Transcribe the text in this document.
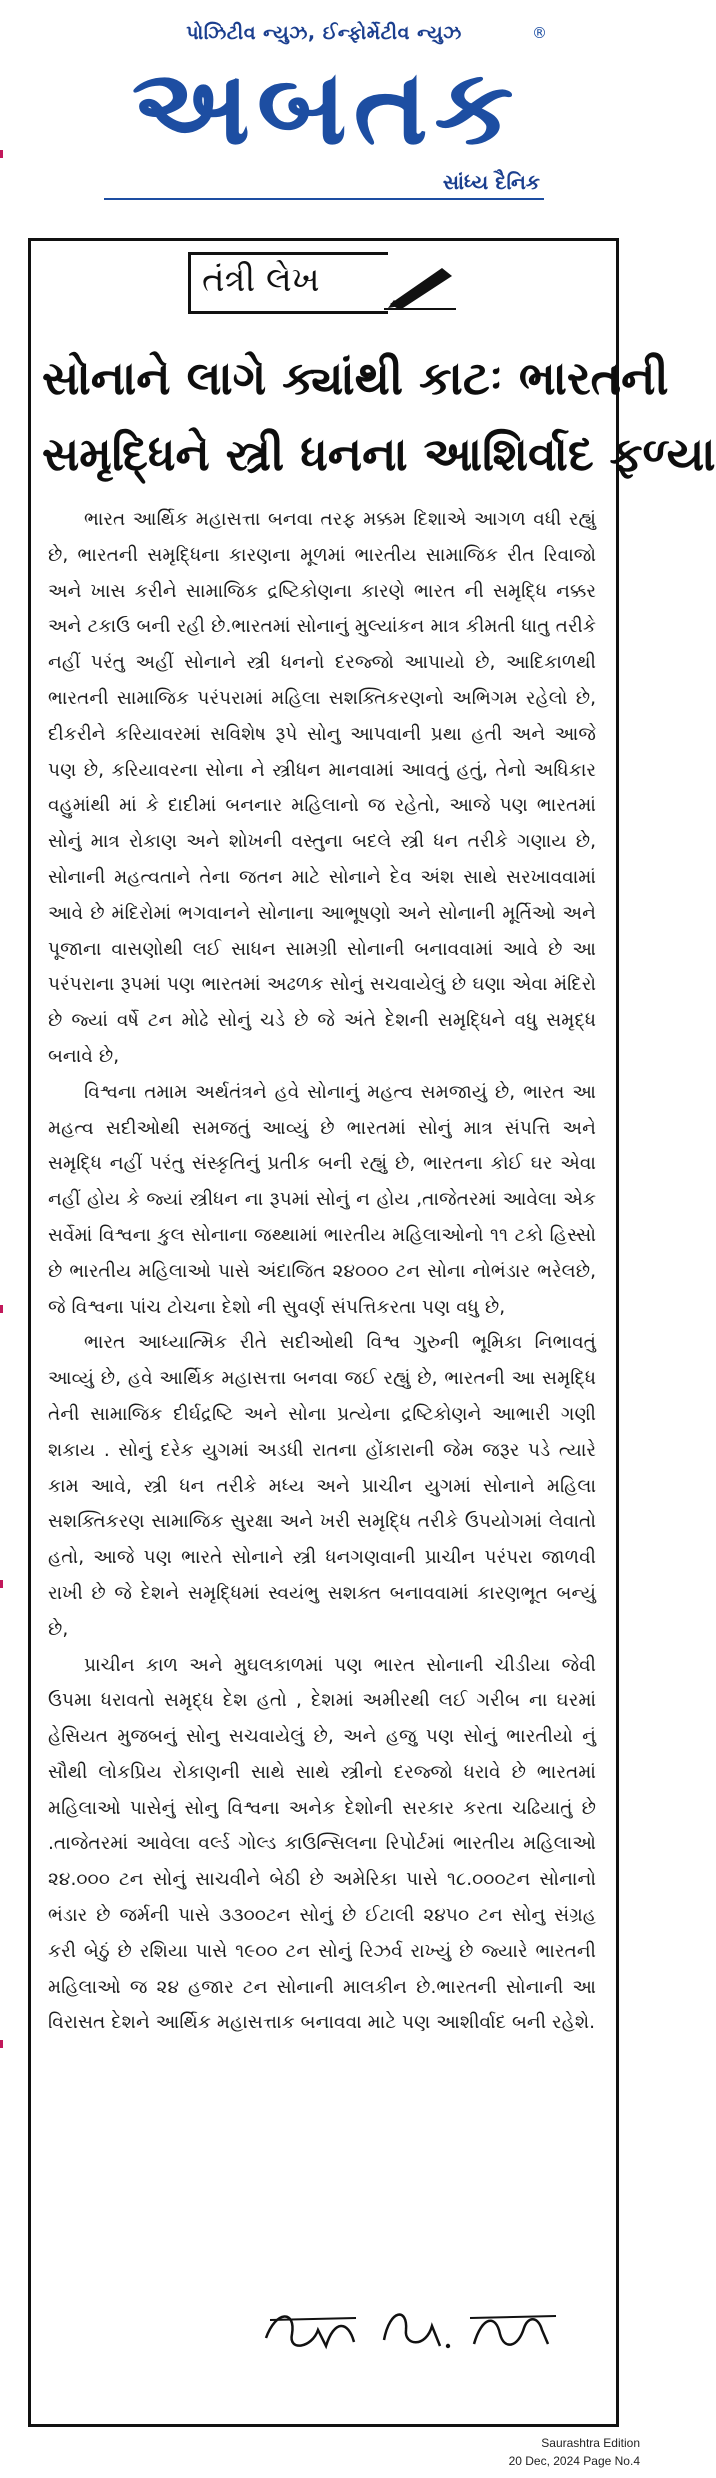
પોઝિટીવ ન્યુઝ, ઈન્ફોર્મેટીવ ન્યુઝ
અબતક
®
સાંધ્ય દૈનિક
તંત્રી લેખ
સોનાને લાગે ક્યાંથી કાટઃ ભારતની
સમૃદ્ધિને સ્ત્રી ધનના આશિર્વાદ ફળ્યા

ભારત આર્થિક મહાસત્તા બનવા તરફ મક્કમ દિશાએ આગળ વધી રહ્યું છે, ભારતની સમૃદ્ધિના કારણના મૂળમાં ભારતીય સામાજિક રીત રિવાજો અને ખાસ કરીને સામાજિક દ્રષ્ટિકોણના કારણે ભારત ની સમૃદ્ધિ નક્કર અને ટકાઉ બની રહી છે.ભારતમાં સોનાનું મુલ્યાંકન માત્ર કીમતી ધાતુ તરીકે નહીં પરંતુ અહીં સોનાને સ્ત્રી ધનનો દરજ્જો આપાયો છે, આદિકાળથી ભારતની સામાજિક પરંપરામાં મહિલા સશક્તિકરણનો અભિગમ રહેલો છે, દીકરીને કરિયાવરમાં સવિશેષ રૂપે સોનુ આપવાની પ્રથા હતી અને આજે પણ છે, કરિયાવરના સોના ને સ્ત્રીધન માનવામાં આવતું હતું, તેનો અધિકાર વહુમાંથી માં કે દાદીમાં બનનાર મહિલાનો જ રહેતો, આજે પણ ભારતમાં સોનું માત્ર રોકાણ અને શોખની વસ્તુના બદલે સ્ત્રી ધન તરીકે ગણાય છે, સોનાની મહત્વતાને તેના જતન માટે સોનાને દેવ અંશ સાથે સરખાવવામાં આવે છે મંદિરોમાં ભગવાનને સોનાના આભૂષણો અને સોનાની મૂર્તિઓ અને પૂજાના વાસણોથી લઈ સાધન સામગ્રી સોનાની બનાવવામાં આવે છે આ પરંપરાના રૂપમાં પણ ભારતમાં અઢળક સોનું સચવાયેલું છે ઘણા એવા મંદિરો છે જ્યાં વર્ષે ટન મોઢે સોનું ચડે છે જે અંતે દેશની સમૃદ્ધિને વધુ સમૃદ્ધ બનાવે છે,

વિશ્વના તમામ અર્થતંત્રને હવે સોનાનું મહત્વ સમજાયું છે, ભારત આ મહત્વ સદીઓથી સમજતું આવ્યું છે ભારતમાં સોનું માત્ર સંપત્તિ અને સમૃદ્ધિ નહીં પરંતુ સંસ્કૃતિનું પ્રતીક બની રહ્યું છે, ભારતના કોઈ ઘર એવા નહીં હોય કે જ્યાં સ્ત્રીધન ના રૂપમાં સોનું ન હોય ,તાજેતરમાં આવેલા એક સર્વેમાં વિશ્વના કુલ સોનાના જથ્થામાં ભારતીય મહિલાઓનો ૧૧ ટકો હિસ્સો છે ભારતીય મહિલાઓ પાસે અંદાજિત ૨૪૦૦૦ ટન સોના નોભંડાર ભરેલછે, જે વિશ્વના પાંચ ટોચના દેશો ની સુવર્ણ સંપત્તિકરતા પણ વધુ છે,

ભારત આધ્યાત્મિક રીતે સદીઓથી વિશ્વ ગુરુની ભૂમિકા નિભાવતું આવ્યું છે, હવે આર્થિક મહાસત્તા બનવા જઈ રહ્યું છે, ભારતની આ સમૃદ્ધિ તેની સામાજિક દીર્ઘદ્રષ્ટિ અને સોના પ્રત્યેના દ્રષ્ટિકોણને આભારી ગણી શકાય . સોનું દરેક યુગમાં અડધી રાતના હોંકારાની જેમ જરૂર પડે ત્યારે કામ આવે, સ્ત્રી ધન તરીકે મધ્ય અને પ્રાચીન યુગમાં સોનાને મહિલા સશક્તિકરણ સામાજિક સુરક્ષા અને ખરી સમૃદ્ધિ તરીકે ઉપયોગમાં લેવાતો હતો, આજે પણ ભારતે સોનાને સ્ત્રી ધનગણવાની પ્રાચીન પરંપરા જાળવી રાખી છે જે દેશને સમૃદ્ધિમાં સ્વયંભુ સશક્ત બનાવવામાં કારણભૂત બન્યું છે,

પ્રાચીન કાળ અને મુઘલકાળમાં પણ ભારત સોનાની ચીડીયા જેવી ઉપમા ધરાવતો સમૃદ્ધ દેશ હતો , દેશમાં અમીરથી લઈ ગરીબ ના ઘરમાં હેસિયત મુજબનું સોનુ સચવાયેલું છે, અને હજુ પણ સોનું ભારતીયો નું સૌથી લોકપ્રિય રોકાણની સાથે સાથે સ્ત્રીનો દરજ્જો ધરાવે છે ભારતમાં મહિલાઓ પાસેનું સોનુ વિશ્વના અનેક દેશોની સરકાર કરતા ચઢિયાતું છે .તાજેતરમાં આવેલા વર્લ્ડ ગોલ્ડ કાઉન્સિલના રિપોર્ટમાં ભારતીય મહિલાઓ ૨૪.૦૦૦ ટન સોનું સાચવીને બેઠી છે અમેરિકા પાસે ૧૮.૦૦૦ટન સોનાનો ભંડાર છે જર્મની પાસે ૩૩૦૦ટન સોનું છે ઈટાલી ૨૪૫૦ ટન સોનુ સંગ્રહ કરી બેઠું છે રશિયા પાસે ૧૯૦૦ ટન સોનું રિઝર્વ રાખ્યું છે જ્યારે ભારતની મહિલાઓ જ ૨૪ હજાર ટન સોનાની માલકીન છે.ભારતની સોનાની આ વિરાસત દેશને આર્થિક મહાસત્તાક બનાવવા માટે પણ આશીર્વાદ બની રહેશે.

Saurashtra Edition
20 Dec, 2024 Page No.4
